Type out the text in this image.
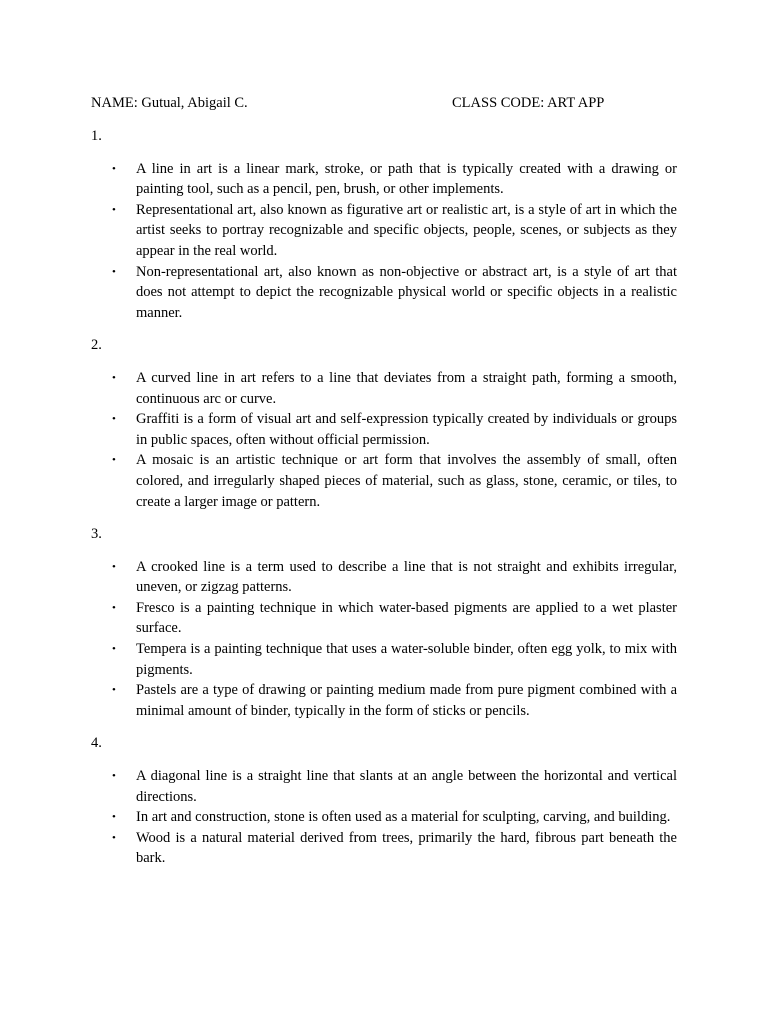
NAME: Gutual, Abigail C.	CLASS CODE: ART APP

1.

• A line in art is a linear mark, stroke, or path that is typically created with a drawing or painting tool, such as a pencil, pen, brush, or other implements.
• Representational art, also known as figurative art or realistic art, is a style of art in which the artist seeks to portray recognizable and specific objects, people, scenes, or subjects as they appear in the real world.
• Non-representational art, also known as non-objective or abstract art, is a style of art that does not attempt to depict the recognizable physical world or specific objects in a realistic manner.

2.

• A curved line in art refers to a line that deviates from a straight path, forming a smooth, continuous arc or curve.
• Graffiti is a form of visual art and self-expression typically created by individuals or groups in public spaces, often without official permission.
• A mosaic is an artistic technique or art form that involves the assembly of small, often colored, and irregularly shaped pieces of material, such as glass, stone, ceramic, or tiles, to create a larger image or pattern.

3.

• A crooked line is a term used to describe a line that is not straight and exhibits irregular, uneven, or zigzag patterns.
• Fresco is a painting technique in which water-based pigments are applied to a wet plaster surface.
• Tempera is a painting technique that uses a water-soluble binder, often egg yolk, to mix with pigments.
• Pastels are a type of drawing or painting medium made from pure pigment combined with a minimal amount of binder, typically in the form of sticks or pencils.

4.

• A diagonal line is a straight line that slants at an angle between the horizontal and vertical directions.
• In art and construction, stone is often used as a material for sculpting, carving, and building.
• Wood is a natural material derived from trees, primarily the hard, fibrous part beneath the bark.
